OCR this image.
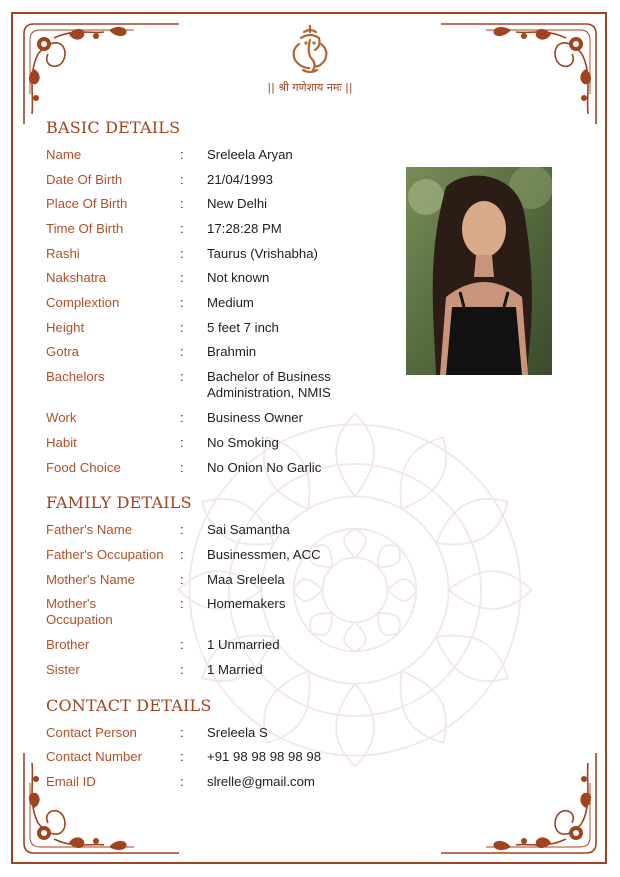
|| श्री गणेशाय नमः ||
BASIC DETAILS
Name	: Sreleela Aryan
Date Of Birth	: 21/04/1993
Place Of Birth	: New Delhi
Time Of Birth	: 17:28:28 PM
Rashi	: Taurus (Vrishabha)
Nakshatra	: Not known
Complextion	: Medium
Height	: 5 feet 7 inch
Gotra	: Brahmin
Bachelors	: Bachelor of Business Administration, NMIS
Work	: Business Owner
Habit	: No Smoking
Food Choice	: No Onion No Garlic
FAMILY DETAILS
Father's Name	: Sai Samantha
Father's Occupation	: Businessmen, ACC
Mother's Name	: Maa Sreleela
Mother's Occupation
: Homemakers
Brother	: 1 Unmarried
Sister	: 1 Married
CONTACT DETAILS
Contact Person	: Sreleela S
Contact Number	: +91 98 98 98 98 98
Email ID	: slrelle@gmail.com
